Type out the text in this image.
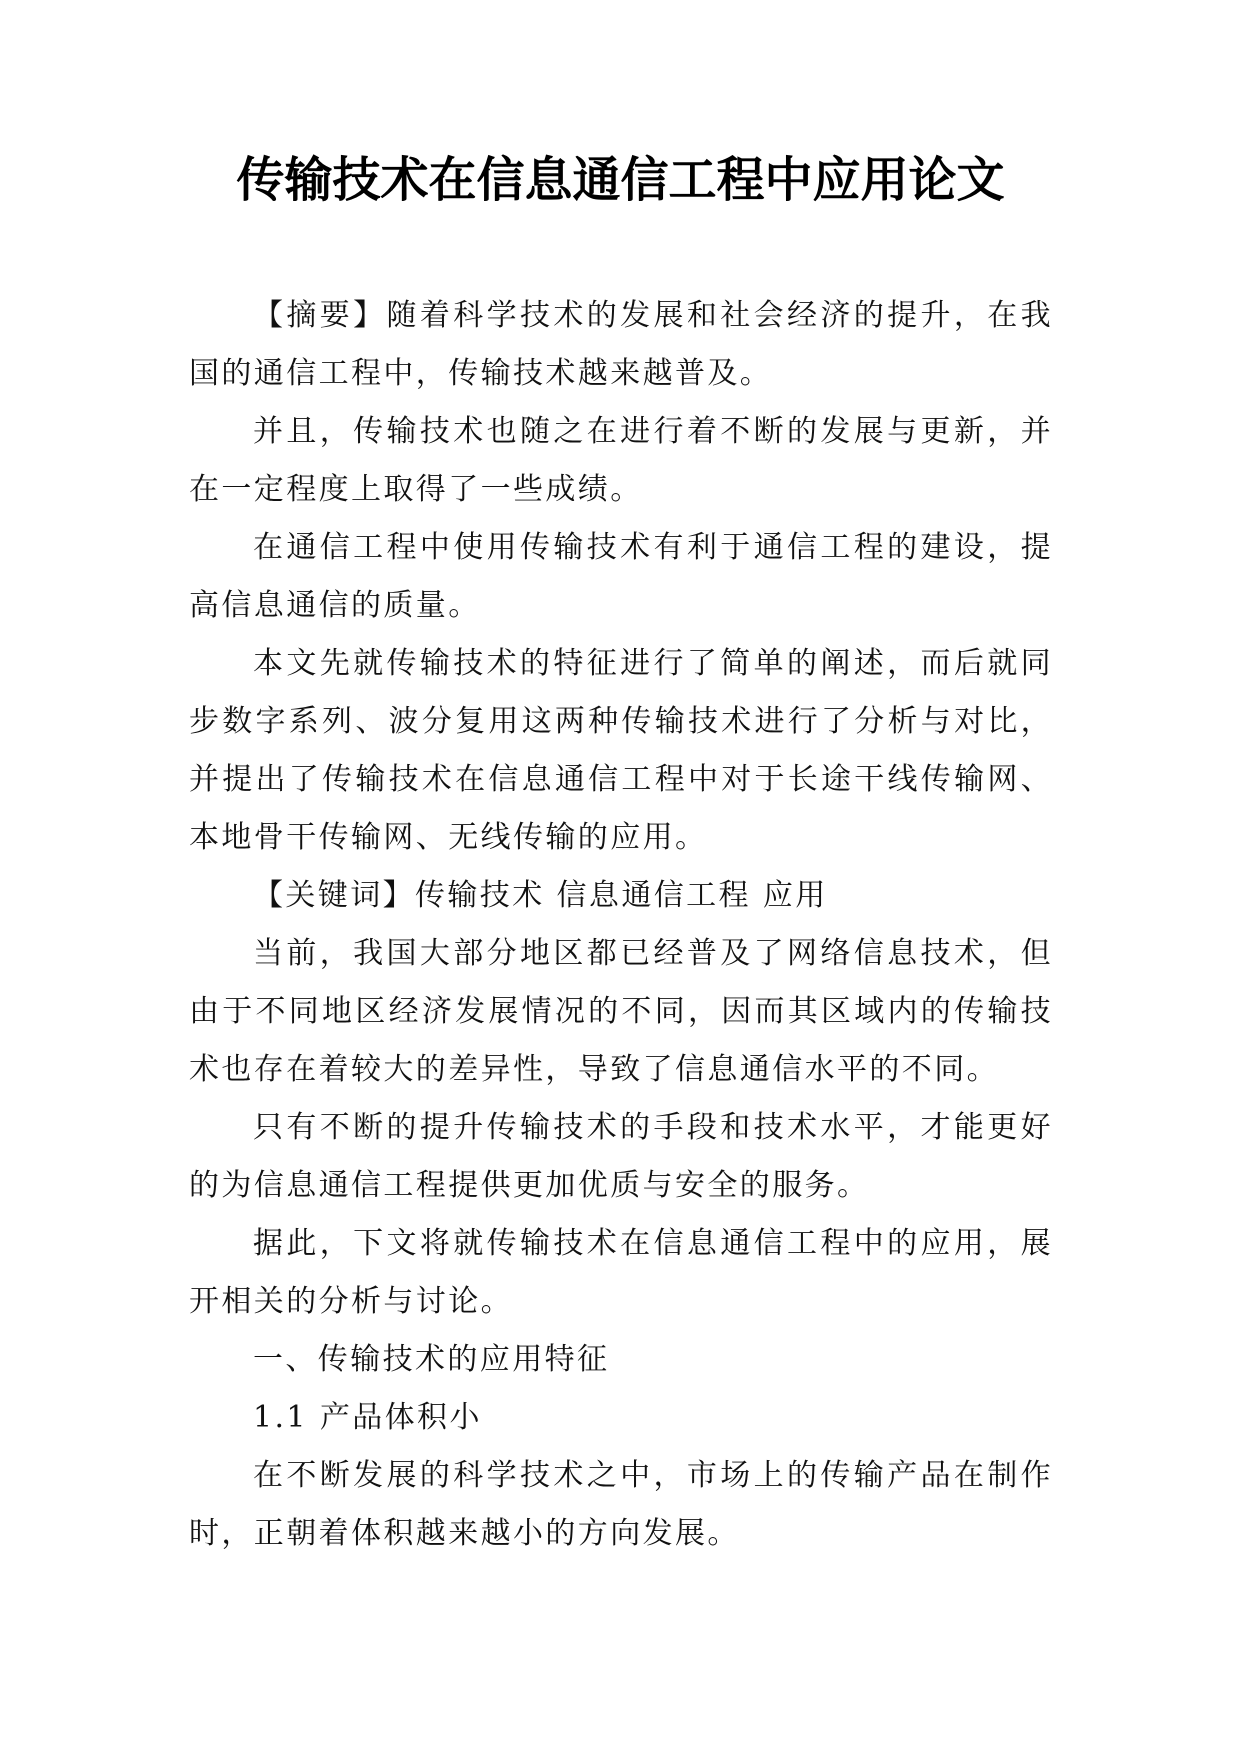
传输技术在信息通信工程中应用论文

【摘要】随着科学技术的发展和社会经济的提升，在我国的通信工程中，传输技术越来越普及。

并且，传输技术也随之在进行着不断的发展与更新，并在一定程度上取得了一些成绩。

在通信工程中使用传输技术有利于通信工程的建设，提高信息通信的质量。

本文先就传输技术的特征进行了简单的阐述，而后就同步数字系列、波分复用这两种传输技术进行了分析与对比，并提出了传输技术在信息通信工程中对于长途干线传输网、本地骨干传输网、无线传输的应用。

【关键词】传输技术 信息通信工程 应用

当前，我国大部分地区都已经普及了网络信息技术，但由于不同地区经济发展情况的不同，因而其区域内的传输技术也存在着较大的差异性，导致了信息通信水平的不同。

只有不断的提升传输技术的手段和技术水平，才能更好的为信息通信工程提供更加优质与安全的服务。

据此，下文将就传输技术在信息通信工程中的应用，展开相关的分析与讨论。

一、传输技术的应用特征

1.1 产品体积小

在不断发展的科学技术之中，市场上的传输产品在制作时，正朝着体积越来越小的方向发展。
